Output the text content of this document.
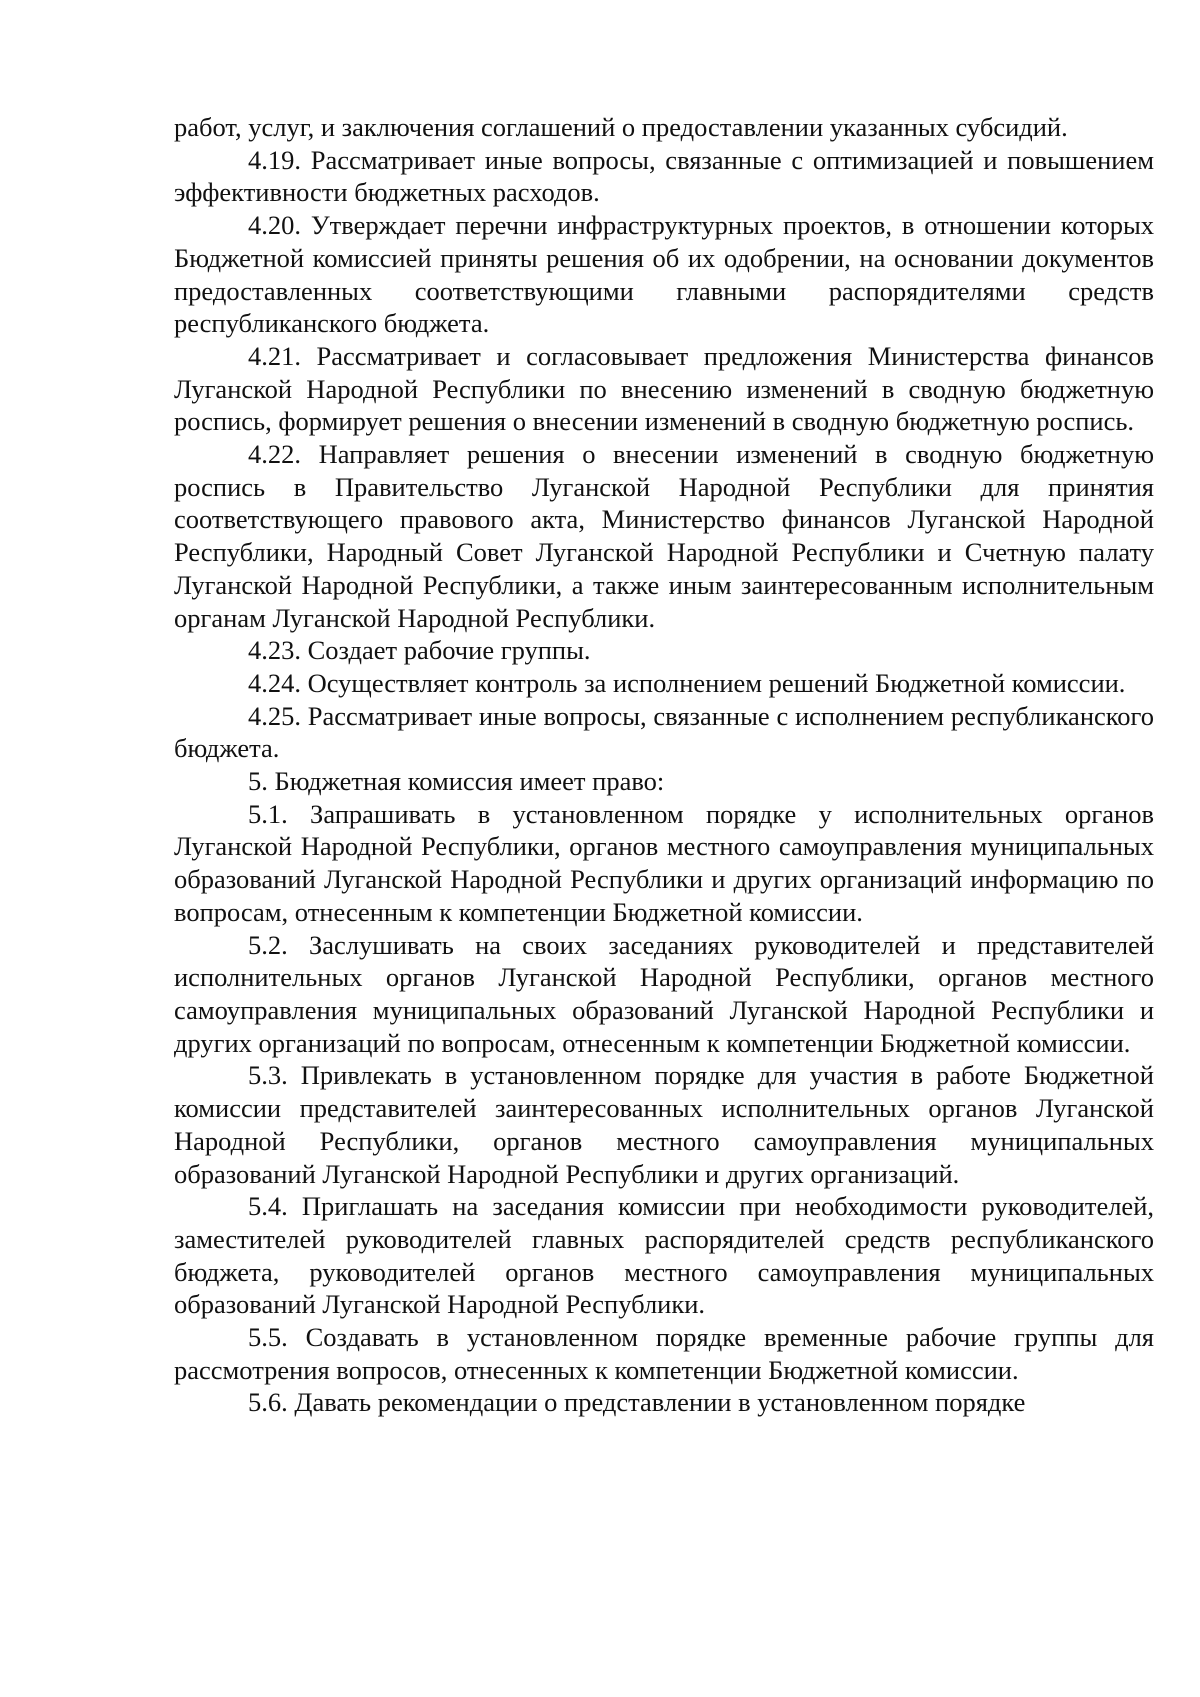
работ, услуг, и заключения соглашений о предоставлении указанных субсидий.

4.19. Рассматривает иные вопросы, связанные с оптимизацией и повышением эффективности бюджетных расходов.

4.20. Утверждает перечни инфраструктурных проектов, в отношении которых Бюджетной комиссией приняты решения об их одобрении, на основании документов предоставленных соответствующими главными распорядителями средств республиканского бюджета.

4.21. Рассматривает и согласовывает предложения Министерства финансов Луганской Народной Республики по внесению изменений в сводную бюджетную роспись, формирует решения о внесении изменений в сводную бюджетную роспись.

4.22. Направляет решения о внесении изменений в сводную бюджетную роспись в Правительство Луганской Народной Республики для принятия соответствующего правового акта, Министерство финансов Луганской Народной Республики, Народный Совет Луганской Народной Республики и Счетную палату Луганской Народной Республики, а также иным заинтересованным исполнительным органам Луганской Народной Республики.

4.23. Создает рабочие группы.

4.24. Осуществляет контроль за исполнением решений Бюджетной комиссии.

4.25. Рассматривает иные вопросы, связанные с исполнением республиканского бюджета.

5. Бюджетная комиссия имеет право:

5.1. Запрашивать в установленном порядке у исполнительных органов Луганской Народной Республики, органов местного самоуправления муниципальных образований Луганской Народной Республики и других организаций информацию по вопросам, отнесенным к компетенции Бюджетной комиссии.

5.2. Заслушивать на своих заседаниях руководителей и представителей исполнительных органов Луганской Народной Республики, органов местного самоуправления муниципальных образований Луганской Народной Республики и других организаций по вопросам, отнесенным к компетенции Бюджетной комиссии.

5.3. Привлекать в установленном порядке для участия в работе Бюджетной комиссии представителей заинтересованных исполнительных органов Луганской Народной Республики, органов местного самоуправления муниципальных образований Луганской Народной Республики и других организаций.

5.4. Приглашать на заседания комиссии при необходимости руководителей, заместителей руководителей главных распорядителей средств республиканского бюджета, руководителей органов местного самоуправления муниципальных образований Луганской Народной Республики.

5.5. Создавать в установленном порядке временные рабочие группы для рассмотрения вопросов, отнесенных к компетенции Бюджетной комиссии.

5.6. Давать рекомендации о представлении в установленном порядке
